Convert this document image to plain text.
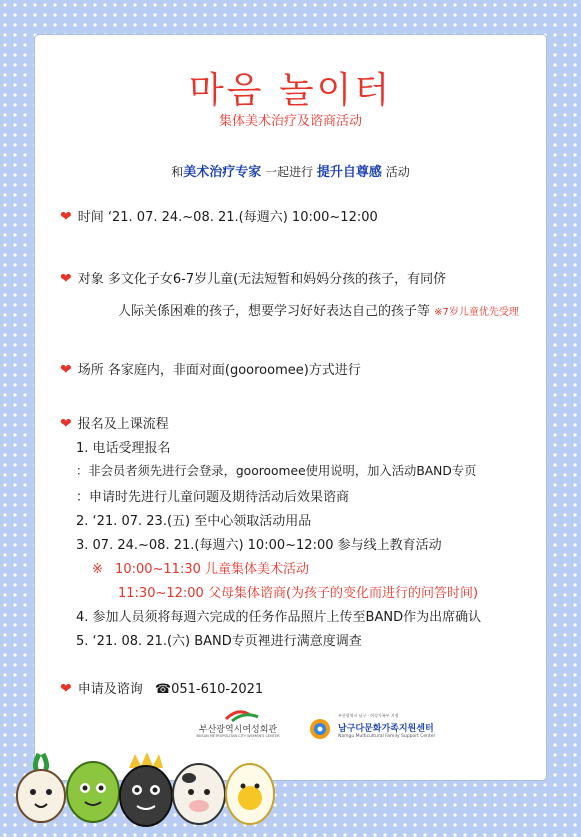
마음 놀이터
集体美术治疗及谘商活动
和美术治疗专家 一起进行 提升自尊感 活动
❤ 时间 ‘21. 07. 24.~08. 21.(每週六) 10:00~12:00
❤ 对象 多文化子女6-7岁儿童(无法短暂和妈妈分孩的孩子，有同侪
人际关係困难的孩子，想要学习好好表达自己的孩子等 ※7岁儿童优先受理
❤ 场所 各家庭内，非面对面(gooroomee)方式进行
❤ 报名及上课流程
1. 电话受理报名
：非会员者须先进行会登录，gooroomee使用说明，加入活动BAND专页
：申请时先进行儿童问题及期待活动后效果谘商
2. ‘21. 07. 23.(五) 至中心领取活动用品
3. 07. 24.~08. 21.(每週六) 10:00~12:00 参与线上教育活动
※ 10:00~11:30 儿童集体美术活动
11:30~12:00 父母集体谘商(为孩子的变化而进行的问答时间)
4. 参加人员须将每週六完成的任务作品照片上传至BAND作为出席确认
5. ‘21. 08. 21.(六) BAND专页裡进行满意度调查
❤ 申请及谘询 ☎051-610-2021
부산광역시여성회관
BUSAN METROPOLITAN CITY WOMEN'S CENTER
부산광역시 남구 · 여성가족부 지정
남구다문화가족지원센터
Namgu Multicultural Family Support Center
